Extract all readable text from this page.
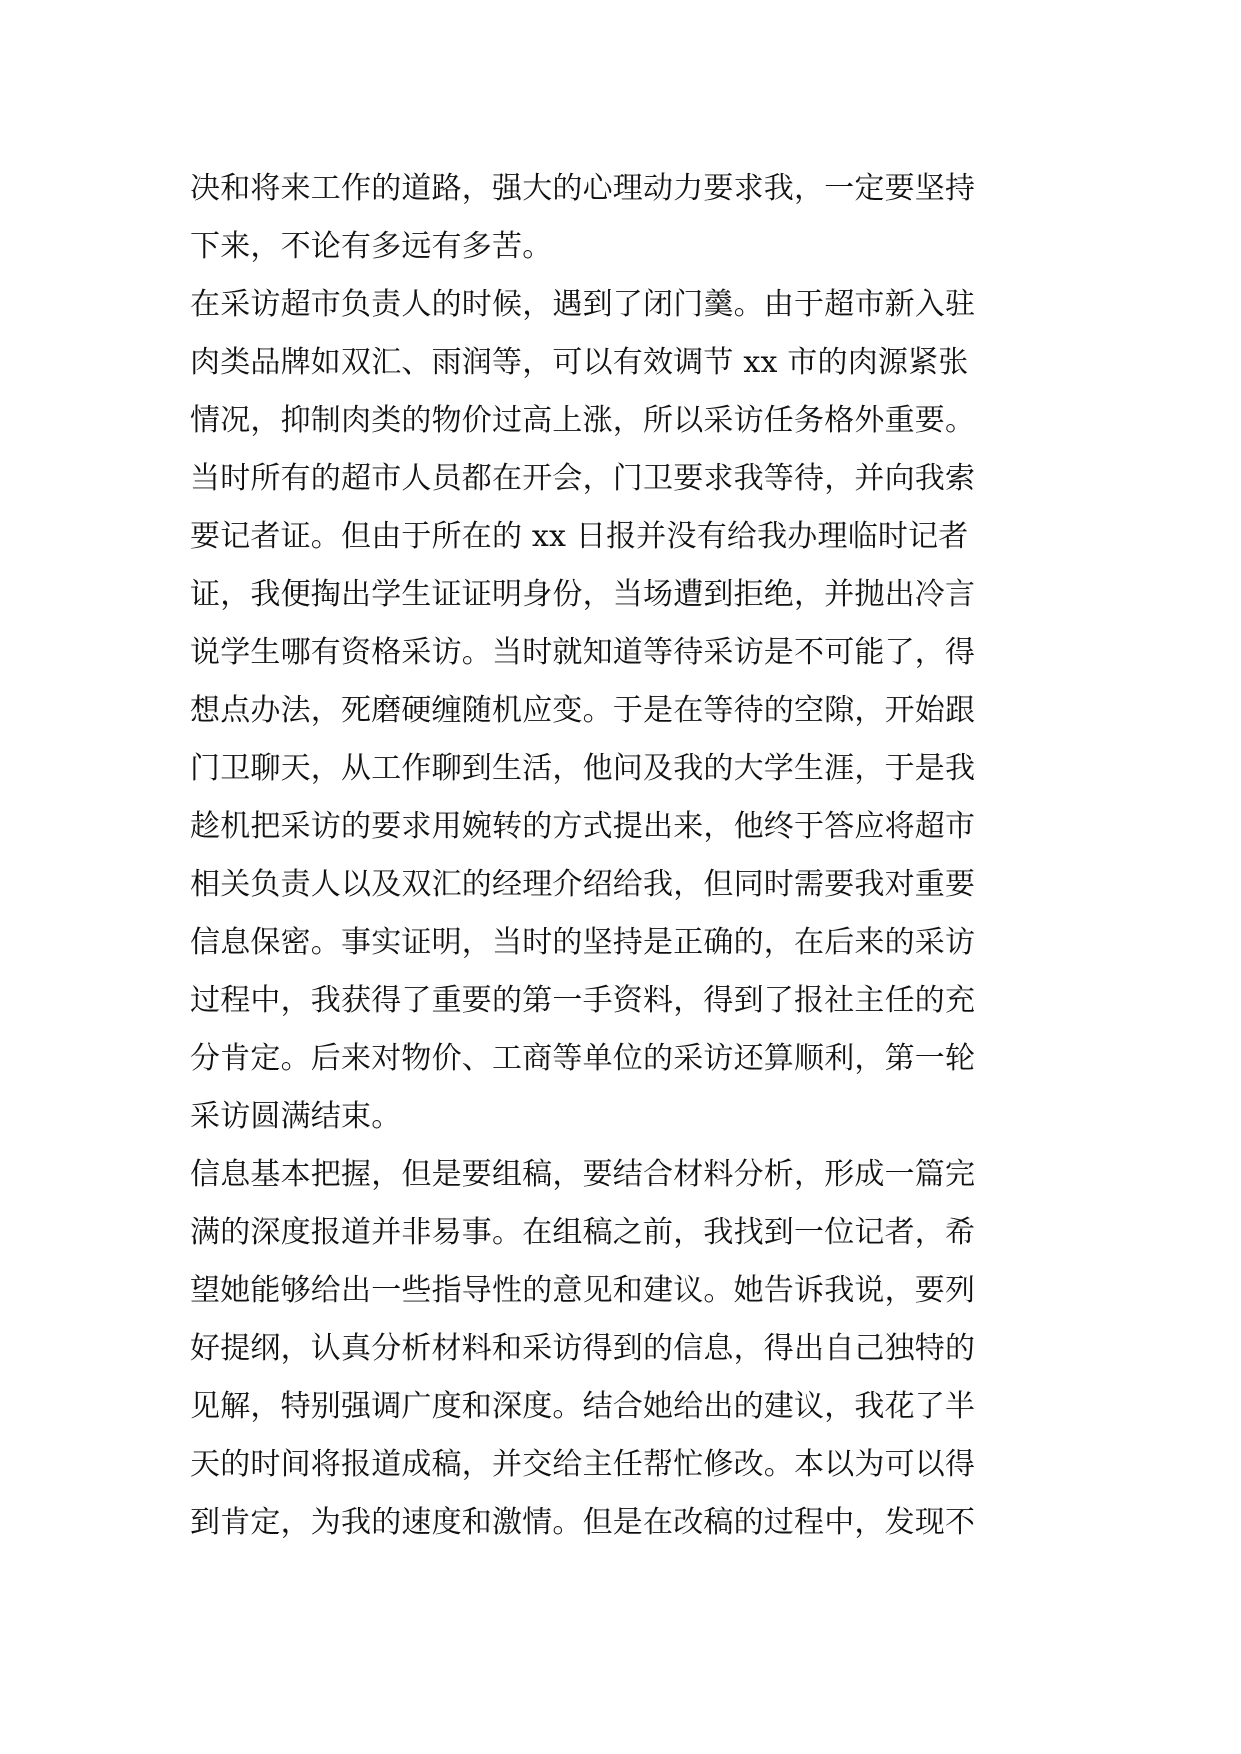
决和将来工作的道路，强大的心理动力要求我，一定要坚持
下来，不论有多远有多苦。
在采访超市负责人的时候，遇到了闭门羹。由于超市新入驻
肉类品牌如双汇、雨润等，可以有效调节 xx 市的肉源紧张
情况，抑制肉类的物价过高上涨，所以采访任务格外重要。
当时所有的超市人员都在开会，门卫要求我等待，并向我索
要记者证。但由于所在的 xx 日报并没有给我办理临时记者
证，我便掏出学生证证明身份，当场遭到拒绝，并抛出冷言
说学生哪有资格采访。当时就知道等待采访是不可能了，得
想点办法，死磨硬缠随机应变。于是在等待的空隙，开始跟
门卫聊天，从工作聊到生活，他问及我的大学生涯，于是我
趁机把采访的要求用婉转的方式提出来，他终于答应将超市
相关负责人以及双汇的经理介绍给我，但同时需要我对重要
信息保密。事实证明，当时的坚持是正确的，在后来的采访
过程中，我获得了重要的第一手资料，得到了报社主任的充
分肯定。后来对物价、工商等单位的采访还算顺利，第一轮
采访圆满结束。
信息基本把握，但是要组稿，要结合材料分析，形成一篇完
满的深度报道并非易事。在组稿之前，我找到一位记者，希
望她能够给出一些指导性的意见和建议。她告诉我说，要列
好提纲，认真分析材料和采访得到的信息，得出自己独特的
见解，特别强调广度和深度。结合她给出的建议，我花了半
天的时间将报道成稿，并交给主任帮忙修改。本以为可以得
到肯定，为我的速度和激情。但是在改稿的过程中，发现不
